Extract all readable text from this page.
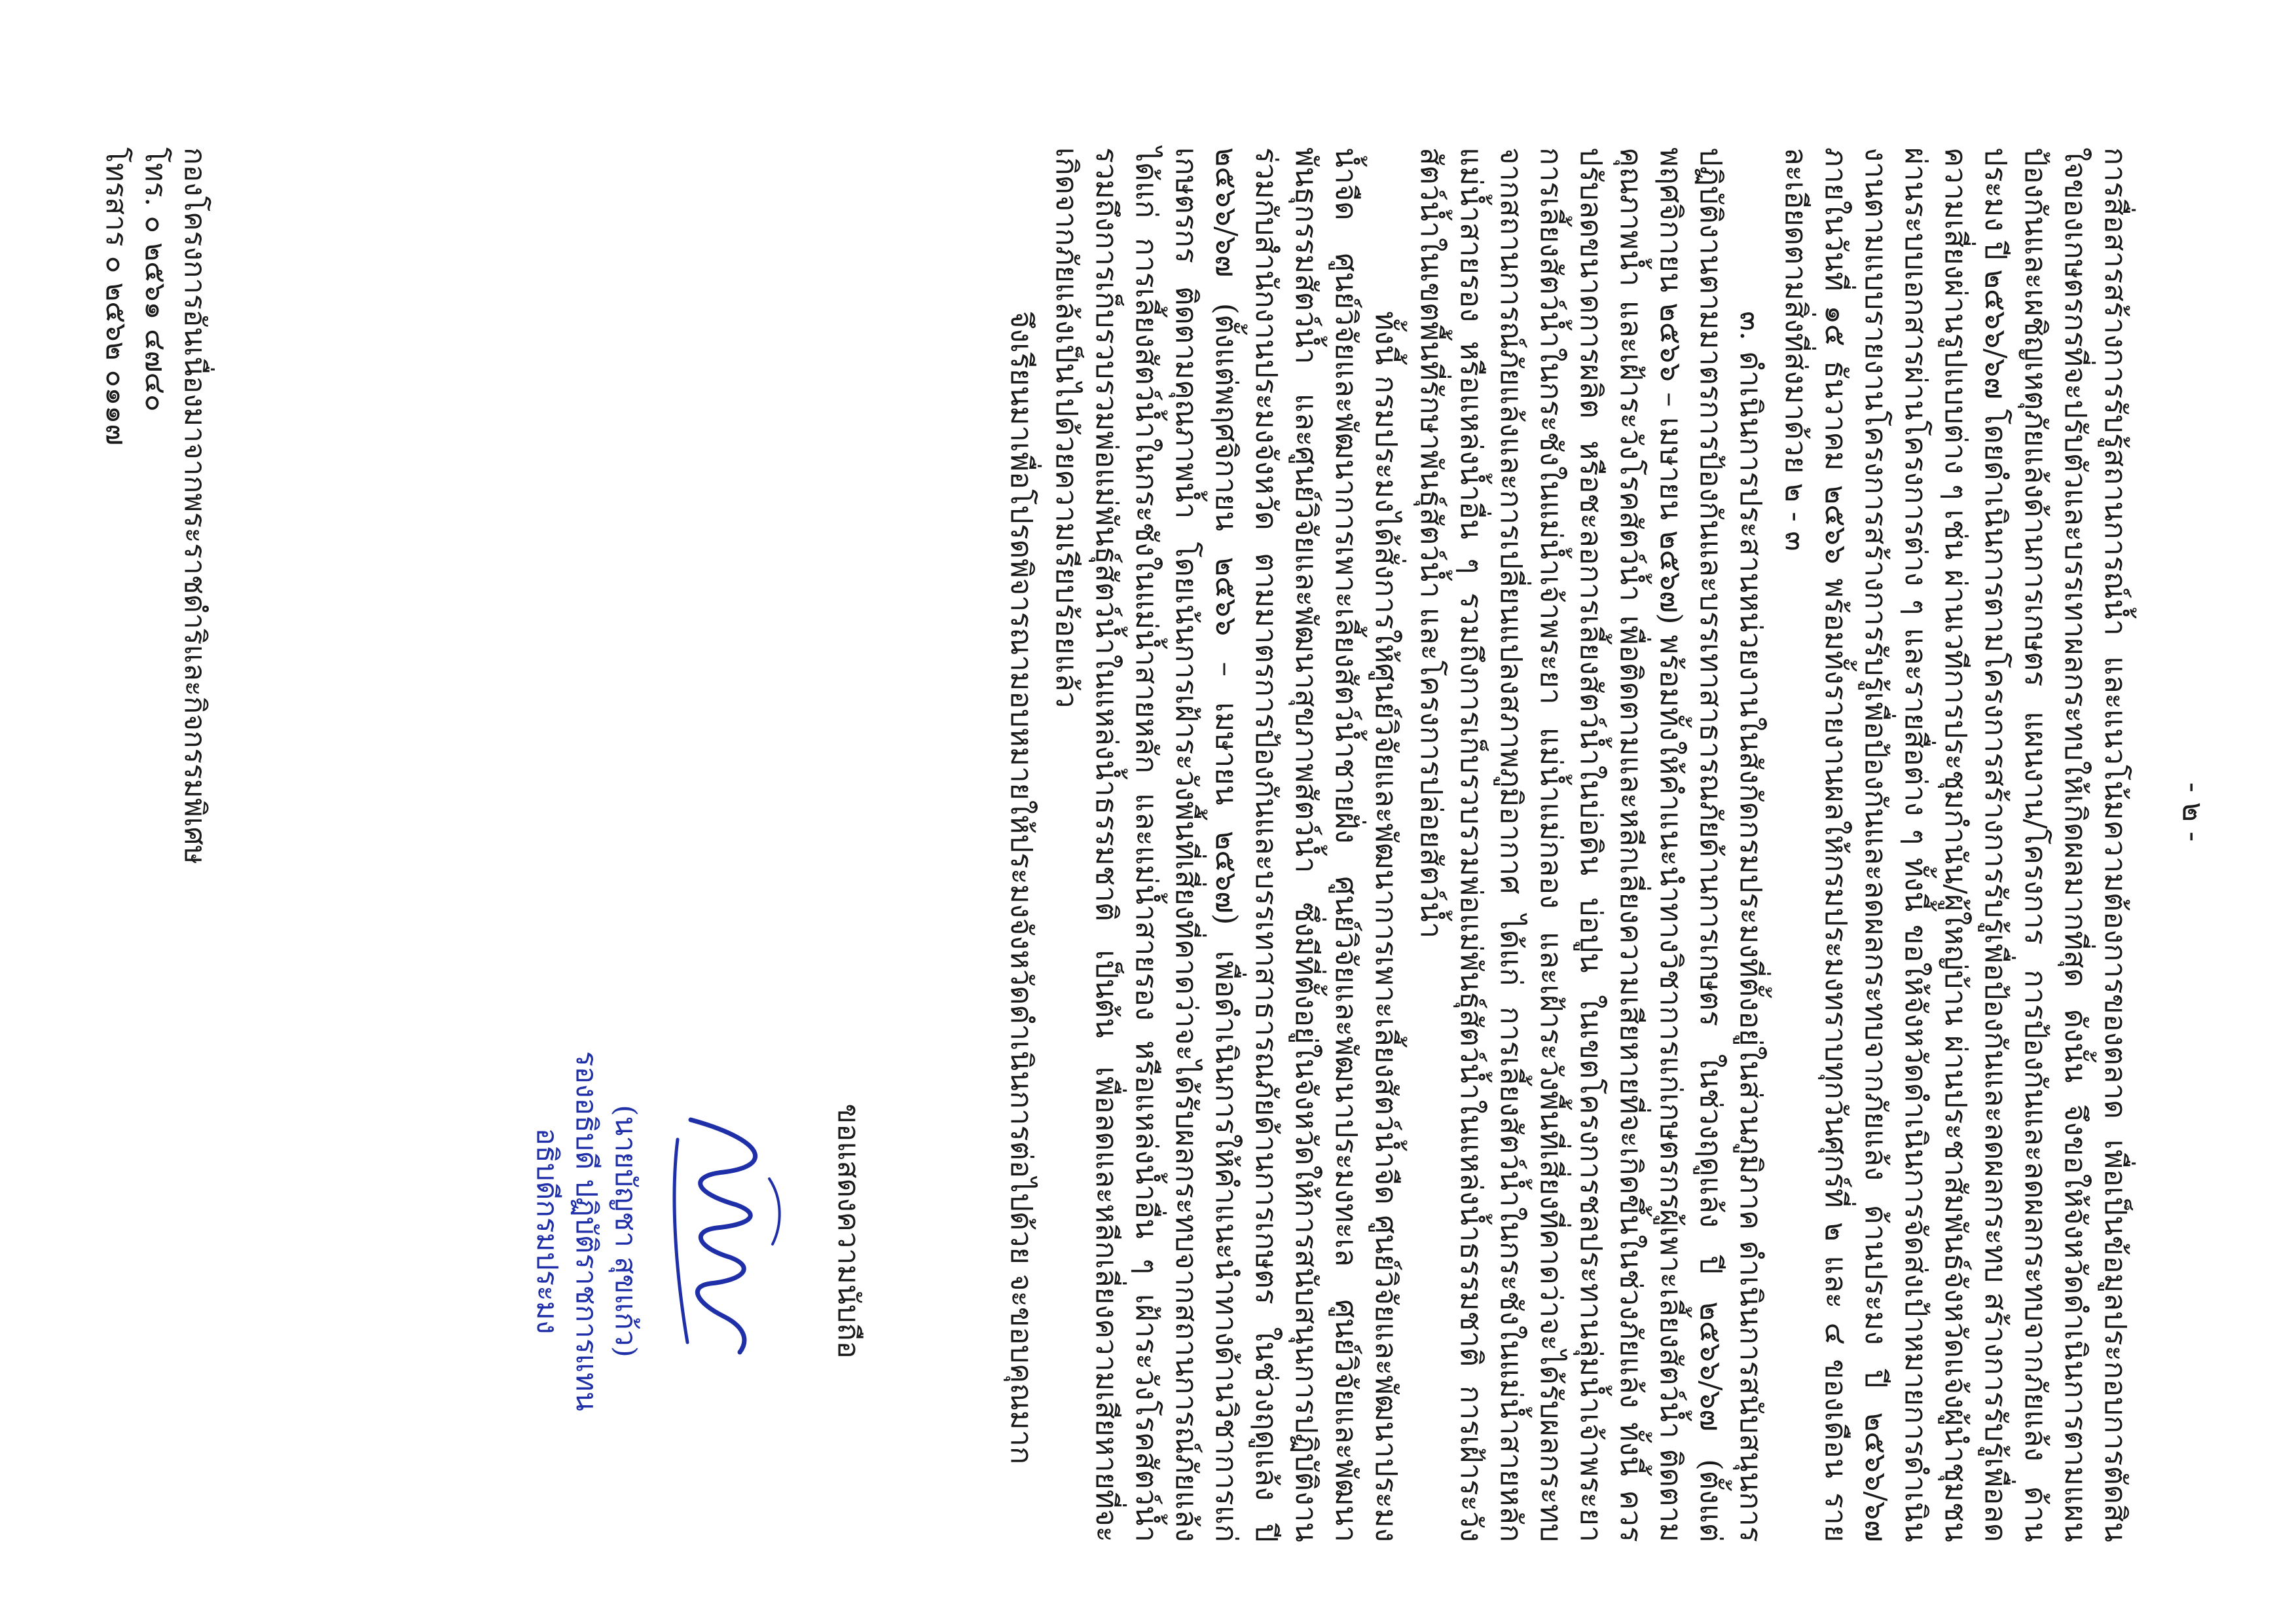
- ๒ -

การสื่อสารสร้างการรับรู้สถานการณ์น้ำ และแนวโน้มความต้องการของตลาด เพื่อเป็นข้อมูลประกอบการตัดสินใจของเกษตรกรที่จะปรับตัวและบรรเทาผลกระทบให้เกิดผลมากที่สุด ดังนั้น จึงขอให้จังหวัดดำเนินการตามแผนป้องกันและเผชิญเหตุภัยแล้งด้านการเกษตร แผนงาน/โครงการ การป้องกันและลดผลกระทบจากภัยแล้ง ด้านประมง ปี ๒๕๖๖/๖๗ โดยดำเนินการตามโครงการสร้างการรับรู้เพื่อป้องกันและลดผลกระทบ สร้างการรับรู้เพื่อลดความเสี่ยงผ่านรูปแบบต่าง ๆ เช่น ผ่านเวทีการประชุมกำนัน/ผู้ใหญ่บ้าน ผ่านประชาสัมพันธ์จังหวัดแจ้งผู้นำชุมชนผ่านระบบเอกสารผ่านโครงการต่าง ๆ และรายสื่อต่าง ๆ ทั้งนี้ ขอให้จังหวัดดำเนินการจัดส่งเป้าหมายการดำเนินงานตามแบบรายงานโครงการสร้างการรับรู้เพื่อป้องกันและลดผลกระทบจากภัยแล้ง ด้านประมง ปี ๒๕๖๖/๖๗ ภายในวันที่ ๑๕ ธันวาคม ๒๕๖๖ พร้อมทั้งรายงานผลให้กรมประมงทราบทุกวันศุกร์ที่ ๒ และ ๔ ของเดือน รายละเอียดตามสิ่งที่ส่งมาด้วย ๒ - ๓

๓. ดำเนินการประสานหน่วยงานในสังกัดกรมประมงที่ตั้งอยู่ในส่วนภูมิภาค ดำเนินการสนับสนุนการปฏิบัติงานตามมาตรการป้องกันและบรรเทาสาธารณภัยด้านการเกษตร ในช่วงฤดูแล้ง ปี ๒๕๖๖/๖๗ (ตั้งแต่พฤศจิกายน ๒๕๖๖ – เมษายน ๒๕๖๗) พร้อมทั้งให้คำแนะนำทางวิชาการแก่เกษตรกรผู้เพาะเลี้ยงสัตว์น้ำ ติดตามคุณภาพน้ำ และเฝ้าระวังโรคสัตว์น้ำ เพื่อติดตามและหลีกเลี่ยงความเสียหายที่จะเกิดขึ้นในช่วงภัยแล้ง ทั้งนี้ ควรปรับลดขนาดการผลิต หรือชะลอการเลี้ยงสัตว์น้ำในบ่อดิน บ่อปูน ในเขตโครงการชลประทานลุ่มน้ำเจ้าพระยา การเลี้ยงสัตว์น้ำในกระชังในแม่น้ำเจ้าพระยา แม่น้ำแม่กลอง และเฝ้าระวังพื้นที่เสี่ยงที่คาดว่าจะได้รับผลกระทบจากสถานการณ์ภัยแล้งและการเปลี่ยนแปลงสภาพภูมิอากาศ ได้แก่ การเลี้ยงสัตว์น้ำในกระชังในแม่น้ำสายหลัก แม่น้ำสายรอง หรือแหล่งน้ำอื่น ๆ รวมถึงการเก็บรวบรวมพ่อแม่พันธุ์สัตว์น้ำในแหล่งน้ำธรรมชาติ การเฝ้าระวังสัตว์น้ำในเขตพื้นที่รักษาพันธุ์สัตว์น้ำ และโครงการปล่อยสัตว์น้ำ

ทั้งนี้ กรมประมงได้สั่งการให้ศูนย์วิจัยและพัฒนาการเพาะเลี้ยงสัตว์น้ำจืด ศูนย์วิจัยและพัฒนาประมงน้ำจืด ศูนย์วิจัยและพัฒนาการเพาะเลี้ยงสัตว์น้ำชายฝั่ง ศูนย์วิจัยและพัฒนาประมงทะเล ศูนย์วิจัยและพัฒนาพันธุกรรมสัตว์น้ำ และศูนย์วิจัยและพัฒนาสุขภาพสัตว์น้ำ ซึ่งมีที่ตั้งอยู่ในจังหวัดให้การสนับสนุนการปฏิบัติงานร่วมกับสำนักงานประมงจังหวัด ตามมาตรการป้องกันและบรรเทาสาธารณภัยด้านการเกษตร ในช่วงฤดูแล้ง ปี ๒๕๖๖/๖๗ (ตั้งแต่พฤศจิกายน ๒๕๖๖ – เมษายน ๒๕๖๗) เพื่อดำเนินการให้คำแนะนำทางด้านวิชาการแก่เกษตรกร ติดตามคุณภาพน้ำ โดยเน้นการเฝ้าระวังพื้นที่เสี่ยงที่คาดว่าจะได้รับผลกระทบจากสถานการณ์ภัยแล้ง ได้แก่ การเลี้ยงสัตว์น้ำในกระชังในแม่น้ำสายหลัก และแม่น้ำสายรอง หรือแหล่งน้ำอื่น ๆ เฝ้าระวังโรคสัตว์น้ำ รวมถึงการเก็บรวบรวมพ่อแม่พันธุ์สัตว์น้ำในแหล่งน้ำธรรมชาติ เป็นต้น เพื่อลดและหลีกเลี่ยงความเสียหายที่จะเกิดจากภัยแล้งเป็นไปด้วยความเรียบร้อยแล้ว

จึงเรียนมาเพื่อโปรดพิจารณามอบหมายให้ประมงจังหวัดดำเนินการต่อไปด้วย จะขอบคุณมาก

ขอแสดงความนับถือ
(นายบัญชา สุขแก้ว)
รองอธิบดี ปฏิบัติราชการแทน
อธิบดีกรมประมง
กองโครงการอันเนื่องมาจากพระราชดำริและกิจกรรมพิเศษ
โทร. ๐ ๒๕๖๑ ๔๗๔๐
โทรสาร ๐ ๒๕๖๒ ๐๑๑๗
